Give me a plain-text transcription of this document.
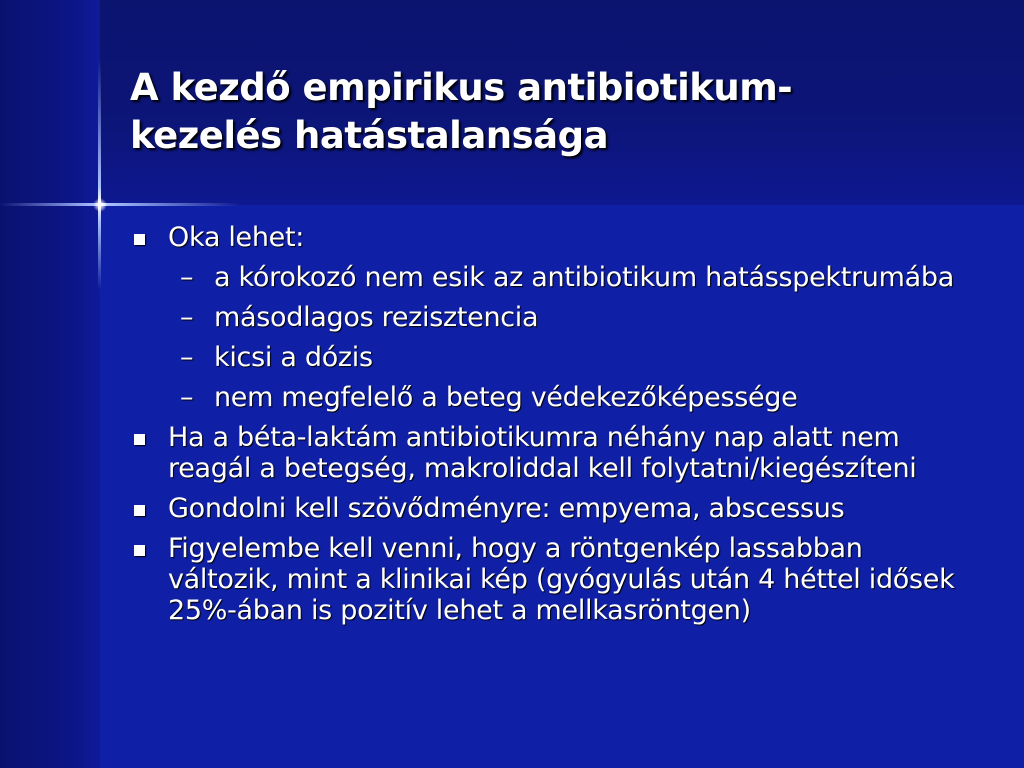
A kezdő empirikus antibiotikum-
kezelés hatástalansága
Oka lehet:
– a kórokozó nem esik az antibiotikum hatásspektrumába
– másodlagos rezisztencia
– kicsi a dózis
– nem megfelelő a beteg védekezőképessége
Ha a béta-laktám antibiotikumra néhány nap alatt nem reagál a betegség, makroliddal kell folytatni/kiegészíteni
Gondolni kell szövődményre: empyema, abscessus
Figyelembe kell venni, hogy a röntgenkép lassabban változik, mint a klinikai kép (gyógyulás után 4 héttel idősek 25%-ában is pozitív lehet a mellkasröntgen)
